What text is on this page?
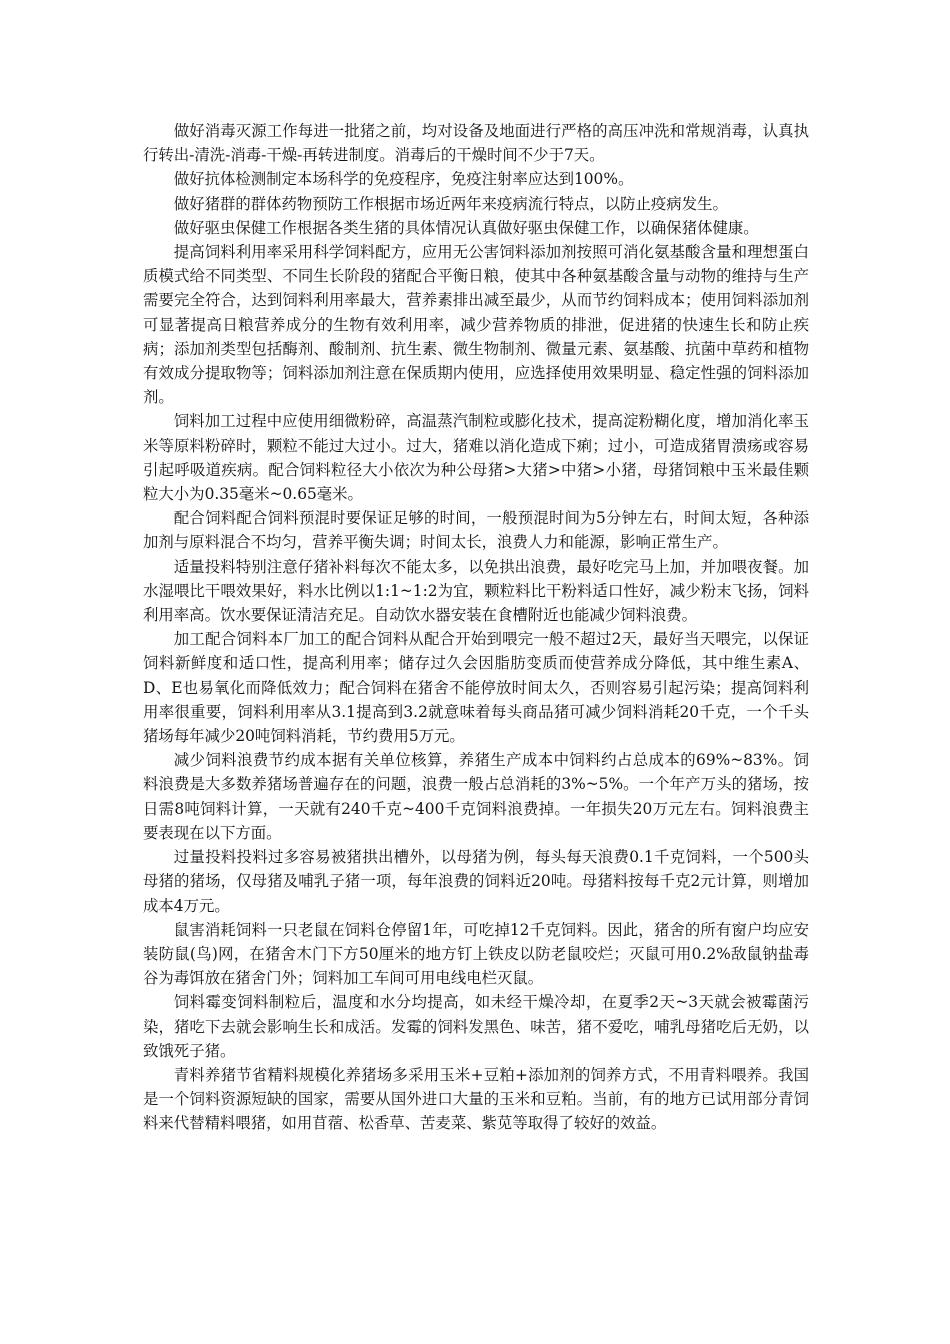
做好消毒灭源工作每进一批猪之前，均对设备及地面进行严格的高压冲洗和常规消毒，认真执行转出-清洗-消毒-干燥-再转进制度。消毒后的干燥时间不少于7天。

做好抗体检测制定本场科学的免疫程序，免疫注射率应达到100%。

做好猪群的群体药物预防工作根据市场近两年来疫病流行特点，以防止疫病发生。

做好驱虫保健工作根据各类生猪的具体情况认真做好驱虫保健工作，以确保猪体健康。

提高饲料利用率采用科学饲料配方，应用无公害饲料添加剂按照可消化氨基酸含量和理想蛋白质模式给不同类型、不同生长阶段的猪配合平衡日粮，使其中各种氨基酸含量与动物的维持与生产需要完全符合，达到饲料利用率最大，营养素排出减至最少，从而节约饲料成本；使用饲料添加剂可显著提高日粮营养成分的生物有效利用率，减少营养物质的排泄，促进猪的快速生长和防止疾病；添加剂类型包括酶剂、酸制剂、抗生素、微生物制剂、微量元素、氨基酸、抗菌中草药和植物有效成分提取物等；饲料添加剂注意在保质期内使用，应选择使用效果明显、稳定性强的饲料添加剂。

饲料加工过程中应使用细微粉碎，高温蒸汽制粒或膨化技术，提高淀粉糊化度，增加消化率玉米等原料粉碎时，颗粒不能过大过小。过大，猪难以消化造成下痢；过小，可造成猪胃溃疡或容易引起呼吸道疾病。配合饲料粒径大小依次为种公母猪>大猪>中猪>小猪，母猪饲粮中玉米最佳颗粒大小为0.35毫米~0.65毫米。

配合饲料配合饲料预混时要保证足够的时间，一般预混时间为5分钟左右，时间太短，各种添加剂与原料混合不均匀，营养平衡失调；时间太长，浪费人力和能源，影响正常生产。

适量投料特别注意仔猪补料每次不能太多，以免拱出浪费，最好吃完马上加，并加喂夜餐。加水湿喂比干喂效果好，料水比例以1:1~1:2为宜，颗粒料比干粉料适口性好，减少粉末飞扬，饲料利用率高。饮水要保证清洁充足。自动饮水器安装在食槽附近也能减少饲料浪费。

加工配合饲料本厂加工的配合饲料从配合开始到喂完一般不超过2天，最好当天喂完，以保证饲料新鲜度和适口性，提高利用率；储存过久会因脂肪变质而使营养成分降低，其中维生素A、D、E也易氧化而降低效力；配合饲料在猪舍不能停放时间太久，否则容易引起污染；提高饲料利用率很重要，饲料利用率从3.1提高到3.2就意味着每头商品猪可减少饲料消耗20千克，一个千头猪场每年减少20吨饲料消耗，节约费用5万元。

减少饲料浪费节约成本据有关单位核算，养猪生产成本中饲料约占总成本的69%~83%。饲料浪费是大多数养猪场普遍存在的问题，浪费一般占总消耗的3%~5%。一个年产万头的猪场，按日需8吨饲料计算，一天就有240千克~400千克饲料浪费掉。一年损失20万元左右。饲料浪费主要表现在以下方面。

过量投料投料过多容易被猪拱出槽外，以母猪为例，每头每天浪费0.1千克饲料，一个500头母猪的猪场，仅母猪及哺乳子猪一项，每年浪费的饲料近20吨。母猪料按每千克2元计算，则增加成本4万元。

鼠害消耗饲料一只老鼠在饲料仓停留1年，可吃掉12千克饲料。因此，猪舍的所有窗户均应安装防鼠(鸟)网，在猪舍木门下方50厘米的地方钉上铁皮以防老鼠咬烂；灭鼠可用0.2%敌鼠钠盐毒谷为毒饵放在猪舍门外；饲料加工车间可用电线电栏灭鼠。

饲料霉变饲料制粒后，温度和水分均提高，如未经干燥冷却，在夏季2天~3天就会被霉菌污染，猪吃下去就会影响生长和成活。发霉的饲料发黑色、味苦，猪不爱吃，哺乳母猪吃后无奶，以致饿死子猪。

青料养猪节省精料规模化养猪场多采用玉米+豆粕+添加剂的饲养方式，不用青料喂养。我国是一个饲料资源短缺的国家，需要从国外进口大量的玉米和豆粕。当前，有的地方已试用部分青饲料来代替精料喂猪，如用苜蓿、松香草、苦麦菜、紫苋等取得了较好的效益。
